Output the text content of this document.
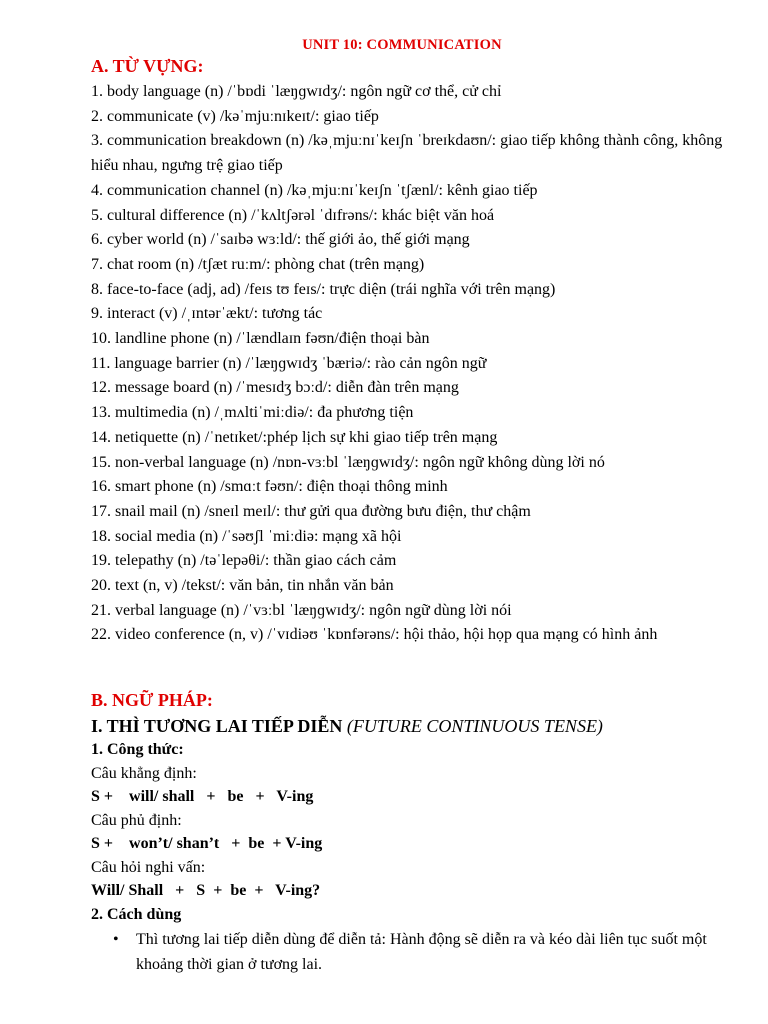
UNIT 10: COMMUNICATION
A. TỪ VỰNG:
1. body language (n) /ˈbɒdi ˈlæŋɡwɪdʒ/: ngôn ngữ cơ thể, cử chỉ
2. communicate (v) /kəˈmjuːnɪkeɪt/: giao tiếp
3. communication breakdown (n) /kəˌmjuːnɪˈkeɪʃn ˈbreɪkdaʊn/: giao tiếp không thành công, không hiểu nhau, ngưng trệ giao tiếp
4. communication channel (n) /kəˌmjuːnɪˈkeɪʃn ˈtʃænl/: kênh giao tiếp
5. cultural difference (n) /ˈkʌltʃərəl ˈdɪfrəns/: khác biệt văn hoá
6. cyber world (n) /ˈsaɪbə wɜːld/: thế giới ảo, thế giới mạng
7. chat room (n) /tʃæt ruːm/: phòng chat (trên mạng)
8. face-to-face (adj, ad) /feɪs tʊ feɪs/: trực diện (trái nghĩa với trên mạng)
9. interact (v) /ˌɪntərˈækt/: tương tác
10. landline phone (n) /ˈlændlaɪn fəʊn/điện thoại bàn
11. language barrier (n) /ˈlæŋɡwɪdʒ ˈbæriə/: rào cản ngôn ngữ
12. message board (n) /ˈmesɪdʒ bɔːd/: diễn đàn trên mạng
13. multimedia (n) /ˌmʌltiˈmiːdiə/: đa phương tiện
14. netiquette (n) /ˈnetɪket/:phép lịch sự khi giao tiếp trên mạng
15. non-verbal language (n) /nɒn-vɜːbl ˈlæŋɡwɪdʒ/: ngôn ngữ không dùng lời nó
16. smart phone (n) /smɑːt fəʊn/: điện thoại thông minh
17. snail mail (n) /sneɪl meɪl/: thư gửi qua đường bưu điện, thư chậm
18. social media (n) /ˈsəʊʃl ˈmiːdiə: mạng xã hội
19. telepathy (n) /təˈlepəθi/: thần giao cách cảm
20. text (n, v) /tekst/: văn bản, tin nhắn văn bản
21. verbal language (n) /ˈvɜːbl ˈlæŋɡwɪdʒ/: ngôn ngữ dùng lời nói
22. video conference (n, v) /ˈvɪdiəʊ ˈkɒnfərəns/: hội thảo, hội họp qua mạng có hình ảnh
B. NGỮ PHÁP:
I. THÌ TƯƠNG LAI TIẾP DIỄN (FUTURE CONTINUOUS TENSE)
1. Công thức:
Câu khẳng định:
S +    will/ shall   +   be   +   V-ing
Câu phủ định:
S +    won’t/ shan’t   +  be  + V-ing
Câu hỏi nghi vấn:
Will/ Shall   +   S  +  be  +   V-ing?
2. Cách dùng
• Thì tương lai tiếp diễn dùng để diễn tả: Hành động sẽ diễn ra và kéo dài liên tục suốt một khoảng thời gian ở tương lai.
